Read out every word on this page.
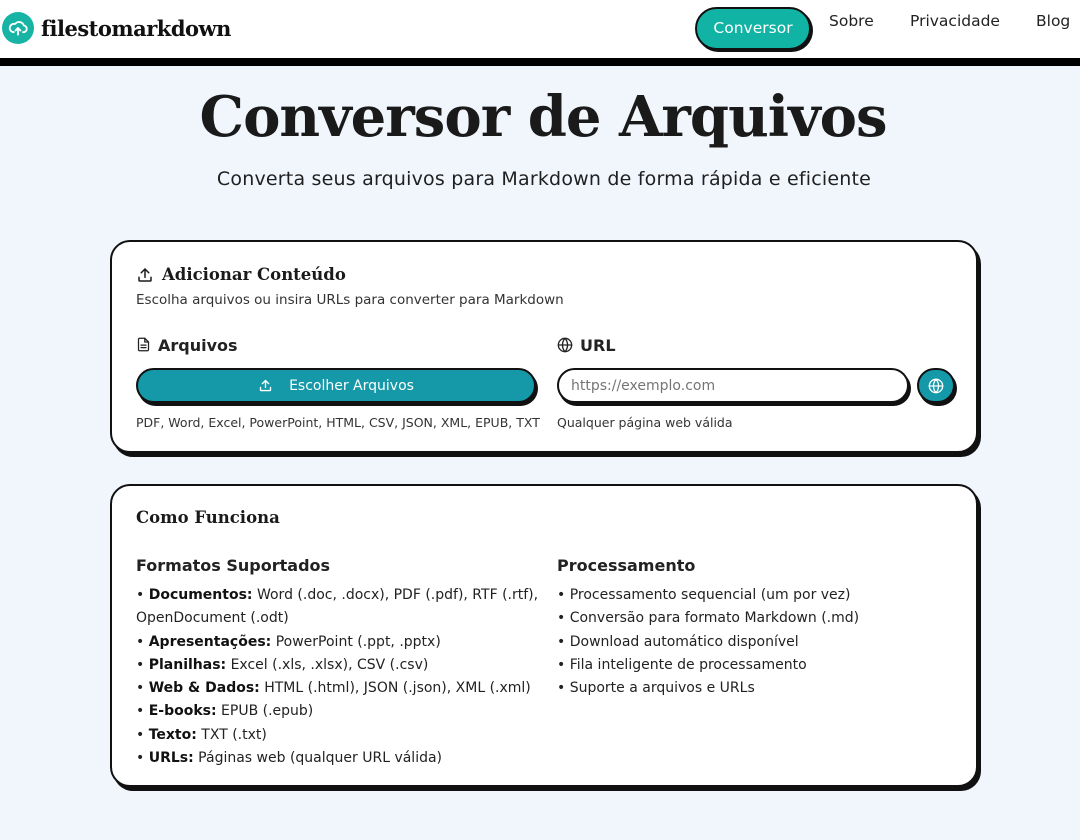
filestomarkdown	Conversor	Sobre Privacidade Blog
Conversor de Arquivos

Converta seus arquivos para Markdown de forma rápida e eficiente

Adicionar Conteúdo
Escolha arquivos ou insira URLs para converter para Markdown
Arquivos	URL
Escolher Arquivos
https://exemplo.com
PDF, Word, Excel, PowerPoint, HTML, CSV, JSON, XML, EPUB, TXT Qualquer página web válida
Como Funciona
Formatos Suportados
• Documentos: Word (.doc, .docx), PDF (.pdf), RTF (.rtf),
OpenDocument (.odt)
• Apresentações: PowerPoint (.ppt, .pptx)
• Planilhas: Excel (.xls, .xlsx), CSV (.csv)
• Web & Dados: HTML (.html), JSON (.json), XML (.xml)
• E-books: EPUB (.epub)
• Texto: TXT (.txt)
• URLs: Páginas web (qualquer URL válida)
Processamento
• Processamento sequencial (um por vez)
• Conversão para formato Markdown (.md)
• Download automático disponível
• Fila inteligente de processamento
• Suporte a arquivos e URLs
